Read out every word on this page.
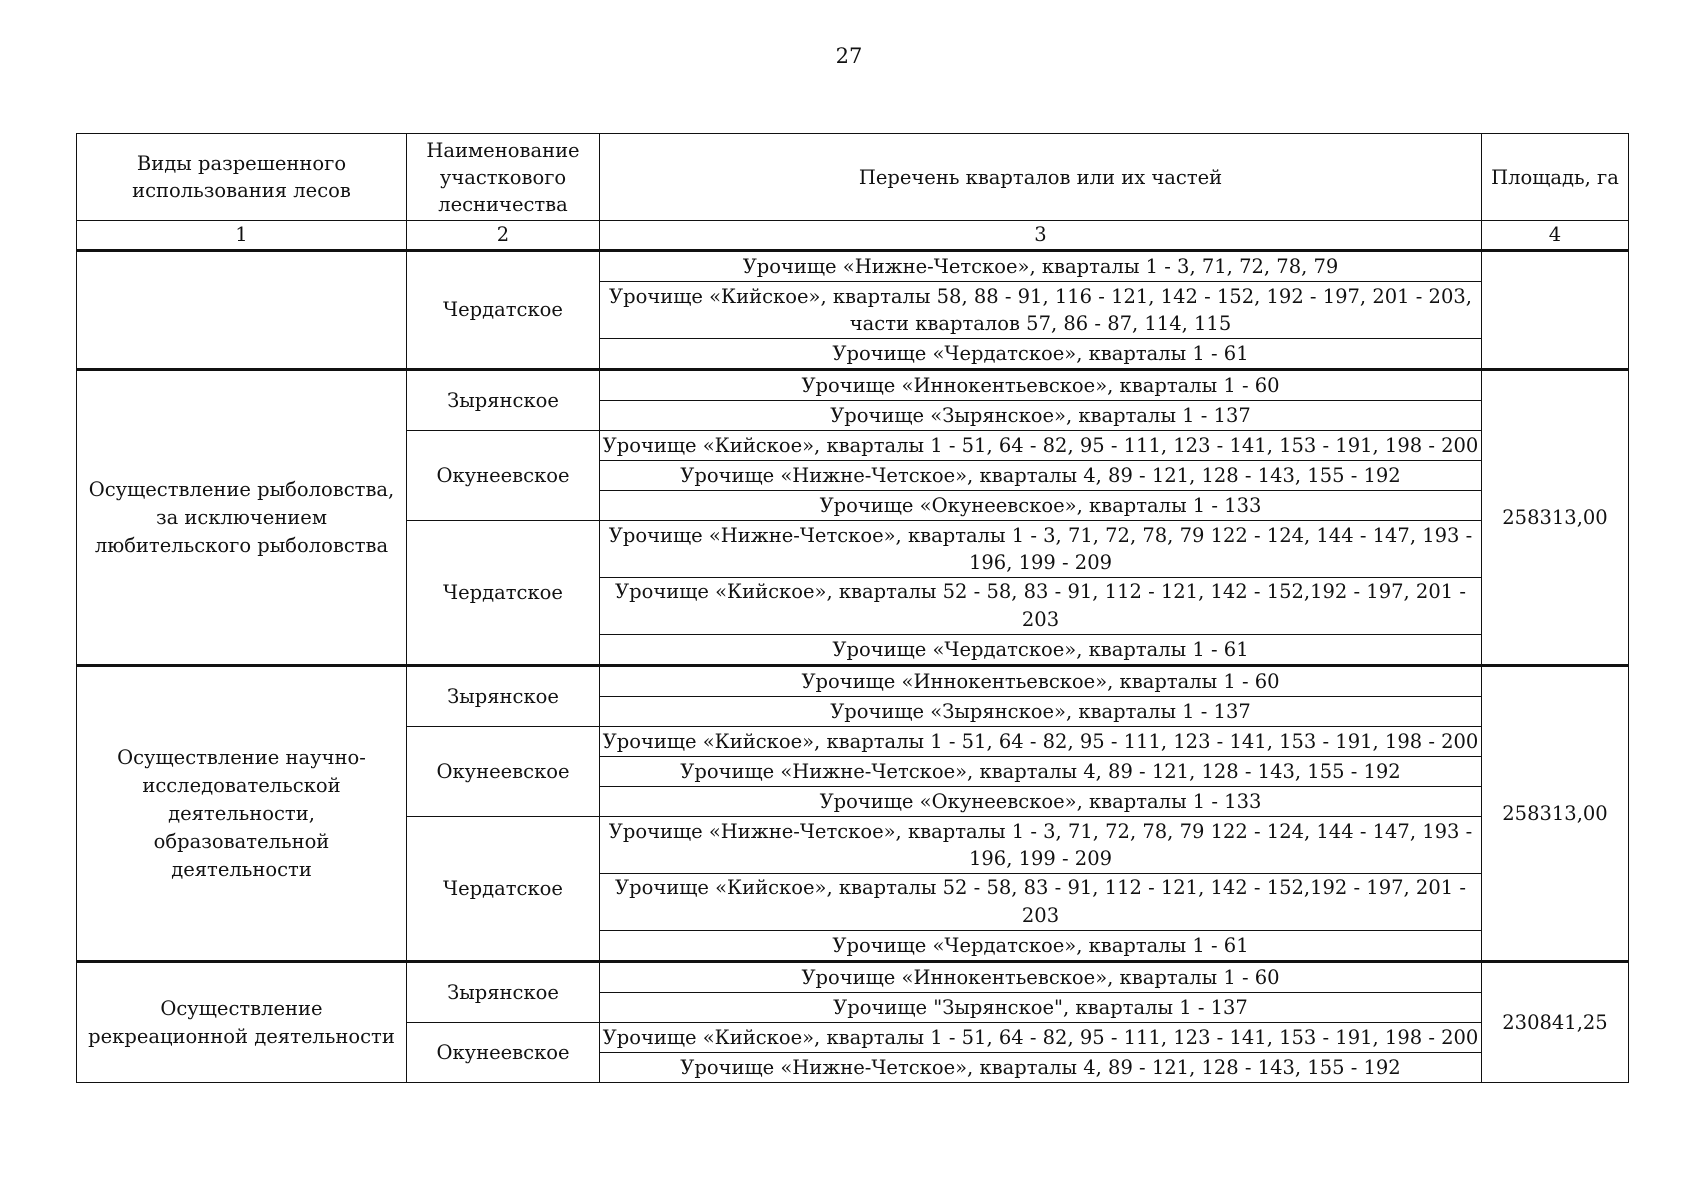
27
Виды разрешенного использования лесов	Наименование участкового лесничества	Перечень кварталов или их частей	Площадь, га
1	2	3	4
	Чердатское	Урочище «Нижне-Четское», кварталы 1 - 3, 71, 72, 78, 79	
		Урочище «Кийское», кварталы 58, 88 - 91, 116 - 121, 142 - 152, 192 - 197, 201 - 203, части кварталов 57, 86 - 87, 114, 115	
		Урочище «Чердатское», кварталы 1 - 61	
Осуществление рыболовства, за исключением любительского рыболовства	Зырянское	Урочище «Иннокентьевское», кварталы 1 - 60	258313,00
		Урочище «Зырянское», кварталы 1 - 137	
	Окунеевское	Урочище «Кийское», кварталы 1 - 51, 64 - 82, 95 - 111, 123 - 141, 153 - 191, 198 - 200	
		Урочище «Нижне-Четское», кварталы 4, 89 - 121, 128 - 143, 155 - 192	
		Урочище «Окунеевское», кварталы 1 - 133	
	Чердатское	Урочище «Нижне-Четское», кварталы 1 - 3, 71, 72, 78, 79 122 - 124, 144 - 147, 193 - 196, 199 - 209	
		Урочище «Кийское», кварталы 52 - 58, 83 - 91, 112 - 121, 142 - 152,192 - 197, 201 - 203	
		Урочище «Чердатское», кварталы 1 - 61	
Осуществление научно-исследовательской деятельности, образовательной деятельности	Зырянское	Урочище «Иннокентьевское», кварталы 1 - 60	258313,00
		Урочище «Зырянское», кварталы 1 - 137	
	Окунеевское	Урочище «Кийское», кварталы 1 - 51, 64 - 82, 95 - 111, 123 - 141, 153 - 191, 198 - 200	
		Урочище «Нижне-Четское», кварталы 4, 89 - 121, 128 - 143, 155 - 192	
		Урочище «Окунеевское», кварталы 1 - 133	
	Чердатское	Урочище «Нижне-Четское», кварталы 1 - 3, 71, 72, 78, 79 122 - 124, 144 - 147, 193 - 196, 199 - 209	
		Урочище «Кийское», кварталы 52 - 58, 83 - 91, 112 - 121, 142 - 152,192 - 197, 201 - 203	
		Урочище «Чердатское», кварталы 1 - 61	
Осуществление рекреационной деятельности	Зырянское	Урочище «Иннокентьевское», кварталы 1 - 60	230841,25
		Урочище "Зырянское", кварталы 1 - 137	
	Окунеевское	Урочище «Кийское», кварталы 1 - 51, 64 - 82, 95 - 111, 123 - 141, 153 - 191, 198 - 200	
		Урочище «Нижне-Четское», кварталы 4, 89 - 121, 128 - 143, 155 - 192	
